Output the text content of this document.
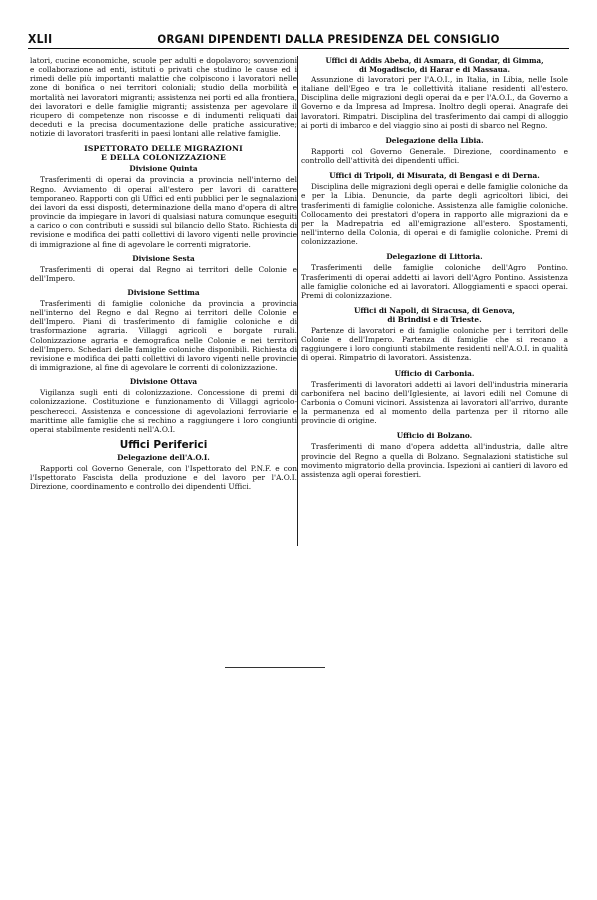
XLII	ORGANI DIPENDENTI DALLA PRESIDENZA DEL CONSIGLIO

latori, cucine economiche, scuole per adulti e dopolavoro; sovvenzioni e collaborazione ad enti, istituti o privati che studino le cause ed i rimedi delle più importanti malattie che colpiscono i lavoratori nelle zone di bonifica o nei territori coloniali; studio della morbilità e mortalità nei lavoratori migranti; assistenza nei porti ed alla frontiera, dei lavoratori e delle famiglie migranti; assistenza per agevolare il ricupero di competenze non riscosse e di indumenti reliquati dai deceduti e la precisa documentazione delle pratiche assicurative; notizie di lavoratori trasferiti in paesi lontani alle relative famiglie.

ISPETTORATO DELLE MIGRAZIONI
E DELLA COLONIZZAZIONE
Divisione Quinta

Trasferimenti di operai da provincia a provincia nell'interno del Regno. Avviamento di operai all'estero per lavori di carattere temporaneo. Rapporti con gli Uffici ed enti pubblici per le segnalazioni dei lavori da essi disposti, determinazione della mano d'opera di altre provincie da impiegare in lavori di qualsiasi natura comunque eseguiti a carico o con contributi e sussidi sul bilancio dello Stato. Richiesta di revisione e modifica dei patti collettivi di lavoro vigenti nelle provincie di immigrazione al fine di agevolare le correnti migratorie.

Divisione Sesta

Trasferimenti di operai dal Regno ai territori delle Colonie e dell'Impero.

Divisione Settima

Trasferimenti di famiglie coloniche da provincia a provincia nell'interno del Regno e dal Regno ai territori delle Colonie e dell'Impero. Piani di trasferimento di famiglie coloniche e di trasformazione agraria. Villaggi agricoli e borgate rurali. Colonizzazione agraria e demografica nelle Colonie e nei territori dell'Impero. Schedari delle famiglie coloniche disponibili. Richiesta di revisione e modifica dei patti collettivi di lavoro vigenti nelle provincie di immigrazione, al fine di agevolare le correnti di colonizzazione.

Divisione Ottava

Vigilanza sugli enti di colonizzazione. Concessione di premi di colonizzazione. Costituzione e funzionamento di Villaggi agricolo-pescherecci. Assistenza e concessione di agevolazioni ferroviarie e marittime alle famiglie che si rechino a raggiungere i loro congiunti operai stabilmente residenti nell'A.O.I.

Uffici Periferici
Delegazione dell'A.O.I.

Rapporti col Governo Generale, con l'Ispettorato del P.N.F. e con l'Ispettorato Fascista della produzione e del lavoro per l'A.O.I. Direzione, coordinamento e controllo dei dipendenti Uffici.

Uffici di Addis Abeba, di Asmara, di Gondar, di Gimma,
di Mogadiscio, di Harar e di Massaua.

Assunzione di lavoratori per l'A.O.I., in Italia, in Libia, nelle Isole italiane dell'Egeo e tra le collettività italiane residenti all'estero. Disciplina delle migrazioni degli operai da e per l'A.O.I., da Governo a Governo e da Impresa ad Impresa. Inoltro degli operai. Anagrafe dei lavoratori. Rimpatri. Disciplina del trasferimento dai campi di alloggio ai porti di imbarco e del viaggio sino ai posti di sbarco nel Regno.

Delegazione della Libia.

Rapporti col Governo Generale. Direzione, coordinamento e controllo dell'attività dei dipendenti uffici.

Uffici di Tripoli, di Misurata, di Bengasi e di Derna.

Disciplina delle migrazioni degli operai e delle famiglie coloniche da e per la Libia. Denuncie, da parte degli agricoltori libici, dei trasferimenti di famiglie coloniche. Assistenza alle famiglie coloniche. Collocamento dei prestatori d'opera in rapporto alle migrazioni da e per la Madrepatria ed all'emigrazione all'estero. Spostamenti, nell'interno della Colonia, di operai e di famiglie coloniche. Premi di colonizzazione.

Delegazione di Littoria.

Trasferimenti delle famiglie coloniche dell'Agro Pontino. Trasferimenti di operai addetti ai lavori dell'Agro Pontino. Assistenza alle famiglie coloniche ed ai lavoratori. Alloggiamenti e spacci operai. Premi di colonizzazione.

Uffici di Napoli, di Siracusa, di Genova,
di Brindisi e di Trieste.

Partenze di lavoratori e di famiglie coloniche per i territori delle Colonie e dell'Impero. Partenza di famiglie che si recano a raggiungere i loro congiunti stabilmente residenti nell'A.O.I. in qualità di operai. Rimpatrio di lavoratori. Assistenza.

Ufficio di Carbonia.

Trasferimenti di lavoratori addetti ai lavori dell'industria mineraria carbonifera nel bacino dell'Iglesiente, ai lavori edili nel Comune di Carbonia o Comuni vicinori. Assistenza ai lavoratori all'arrivo, durante la permanenza ed al momento della partenza per il ritorno alle provincie di origine.

Ufficio di Bolzano.

Trasferimenti di mano d'opera addetta all'industria, dalle altre provincie del Regno a quella di Bolzano. Segnalazioni statistiche sul movimento migratorio della provincia. Ispezioni ai cantieri di lavoro ed assistenza agli operai forestieri.
